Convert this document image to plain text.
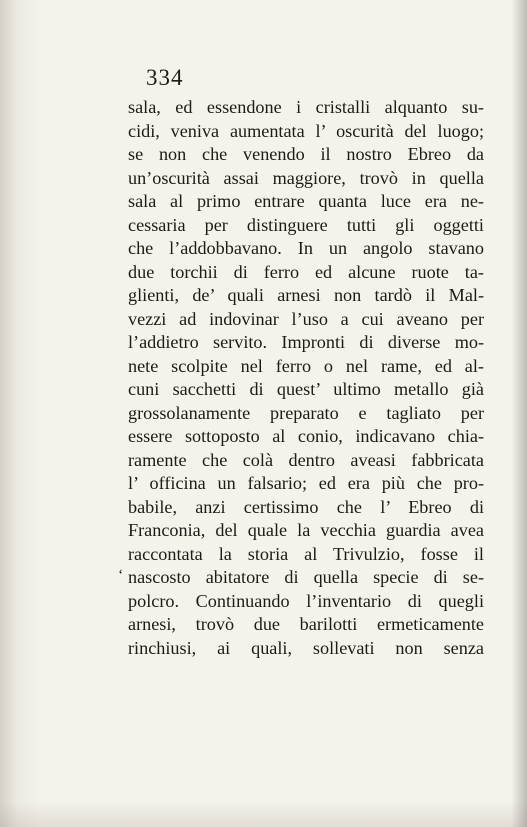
334
sala, ed essendone i cristalli alquanto su-
cidi, veniva aumentata l’ oscurità del luogo;
se non che venendo il nostro Ebreo da
un’oscurità assai maggiore, trovò in quella
sala al primo entrare quanta luce era ne-
cessaria per distinguere tutti gli oggetti
che l’addobbavano. In un angolo stavano
due torchii di ferro ed alcune ruote ta-
glienti, de’ quali arnesi non tardò il Mal-
vezzi ad indovinar l’uso a cui aveano per
l’addietro servito. Impronti di diverse mo-
nete scolpite nel ferro o nel rame, ed al-
cuni sacchetti di quest’ ultimo metallo già
grossolanamente preparato e tagliato per
essere sottoposto al conio, indicavano chia-
ramente che colà dentro aveasi fabbricata
l’ officina un falsario; ed era più che pro-
babile, anzi certissimo che l’ Ebreo di
Franconia, del quale la vecchia guardia avea
raccontata la storia al Trivulzio, fosse il
nascosto abitatore di quella specie di se-
polcro. Continuando l’inventario di quegli
arnesi, trovò due barilotti ermeticamente
rinchiusi, ai quali, sollevati non senza
‘
